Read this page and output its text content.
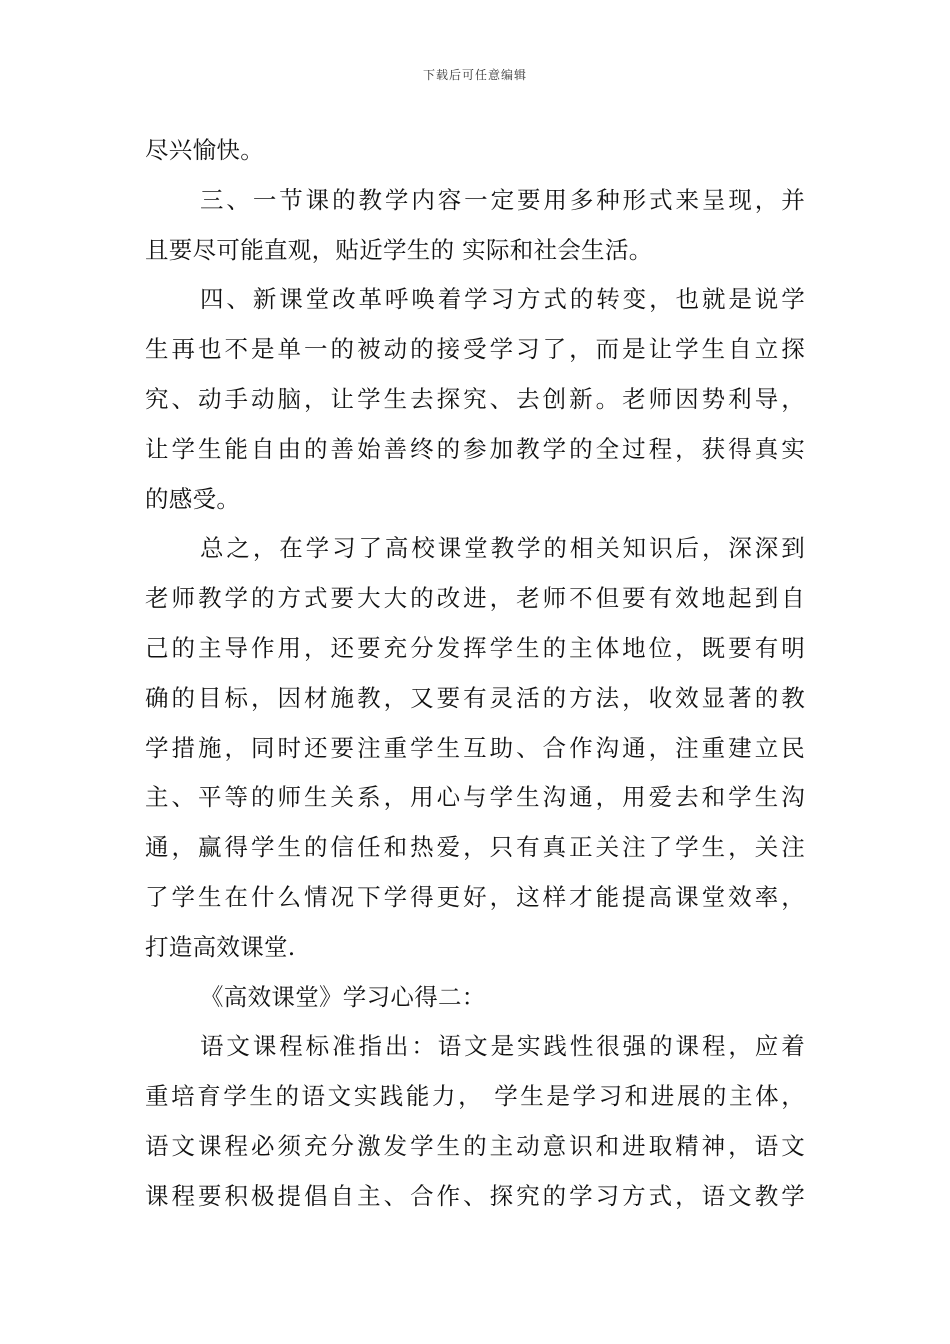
下载后可任意编辑
尽兴愉快。
三、一节课的教学内容一定要用多种形式来呈现，并
且要尽可能直观，贴近学生的 实际和社会生活。
四、新课堂改革呼唤着学习方式的转变，也就是说学
生再也不是单一的被动的接受学习了，而是让学生自立探
究、动手动脑，让学生去探究、去创新。老师因势利导，
让学生能自由的善始善终的参加教学的全过程，获得真实
的感受。
总之，在学习了高校课堂教学的相关知识后，深深到
老师教学的方式要大大的改进，老师不但要有效地起到自
己的主导作用，还要充分发挥学生的主体地位，既要有明
确的目标，因材施教，又要有灵活的方法，收效显著的教
学措施，同时还要注重学生互助、合作沟通，注重建立民
主、平等的师生关系，用心与学生沟通，用爱去和学生沟
通，赢得学生的信任和热爱，只有真正关注了学生，关注
了学生在什么情况下学得更好，这样才能提高课堂效率，
打造高效课堂.
《高效课堂》学习心得二：
语文课程标准指出：语文是实践性很强的课程，应着
重培育学生的语文实践能力， 学生是学习和进展的主体，
语文课程必须充分激发学生的主动意识和进取精神，语文
课程要积极提倡自主、合作、探究的学习方式，语文教学
